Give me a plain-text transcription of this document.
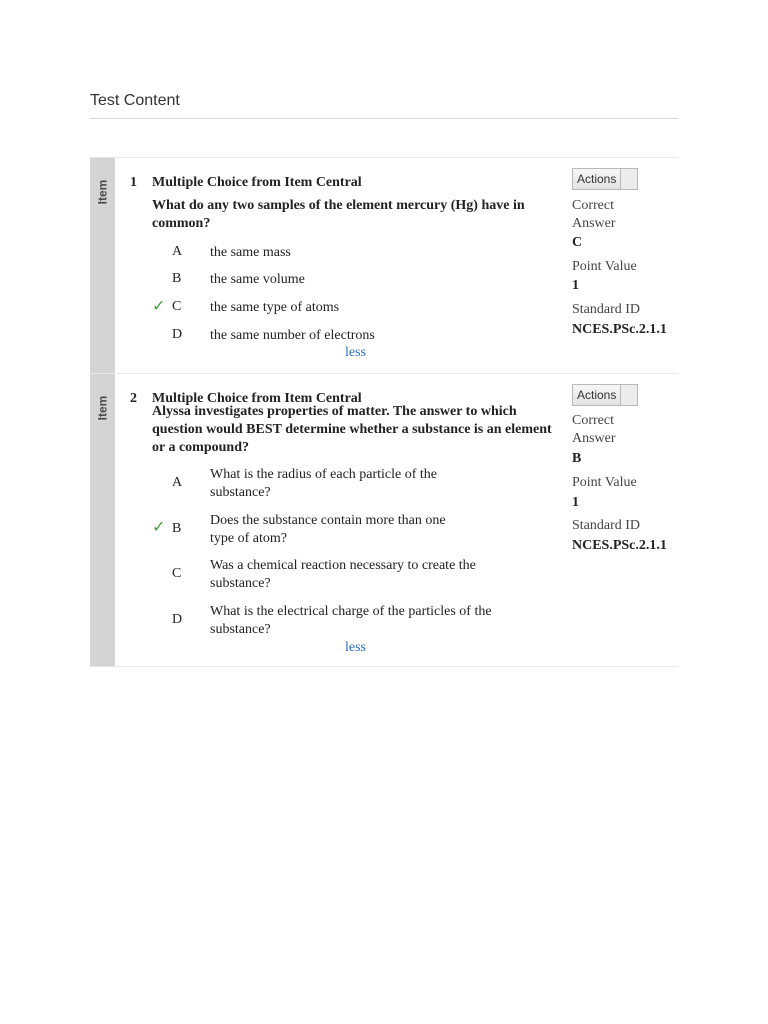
Test Content
Item 1 Multiple Choice from Item Central
What do any two samples of the element mercury (Hg) have in common?
A the same mass
B the same volume
✓ C the same type of atoms
D the same number of electrons
less
Actions
Correct Answer
C
Point Value
1
Standard ID
NCES.PSc.2.1.1
Item 2 Multiple Choice from Item Central
Alyssa investigates properties of matter. The answer to which question would BEST determine whether a substance is an element or a compound?
A
What is the radius of each particle of the substance?
✓ B
Does the substance contain more than one type of atom?
C
Was a chemical reaction necessary to create the substance?
D
What is the electrical charge of the particles of the substance?
less
Actions
Correct Answer
B
Point Value
1
Standard ID
NCES.PSc.2.1.1
